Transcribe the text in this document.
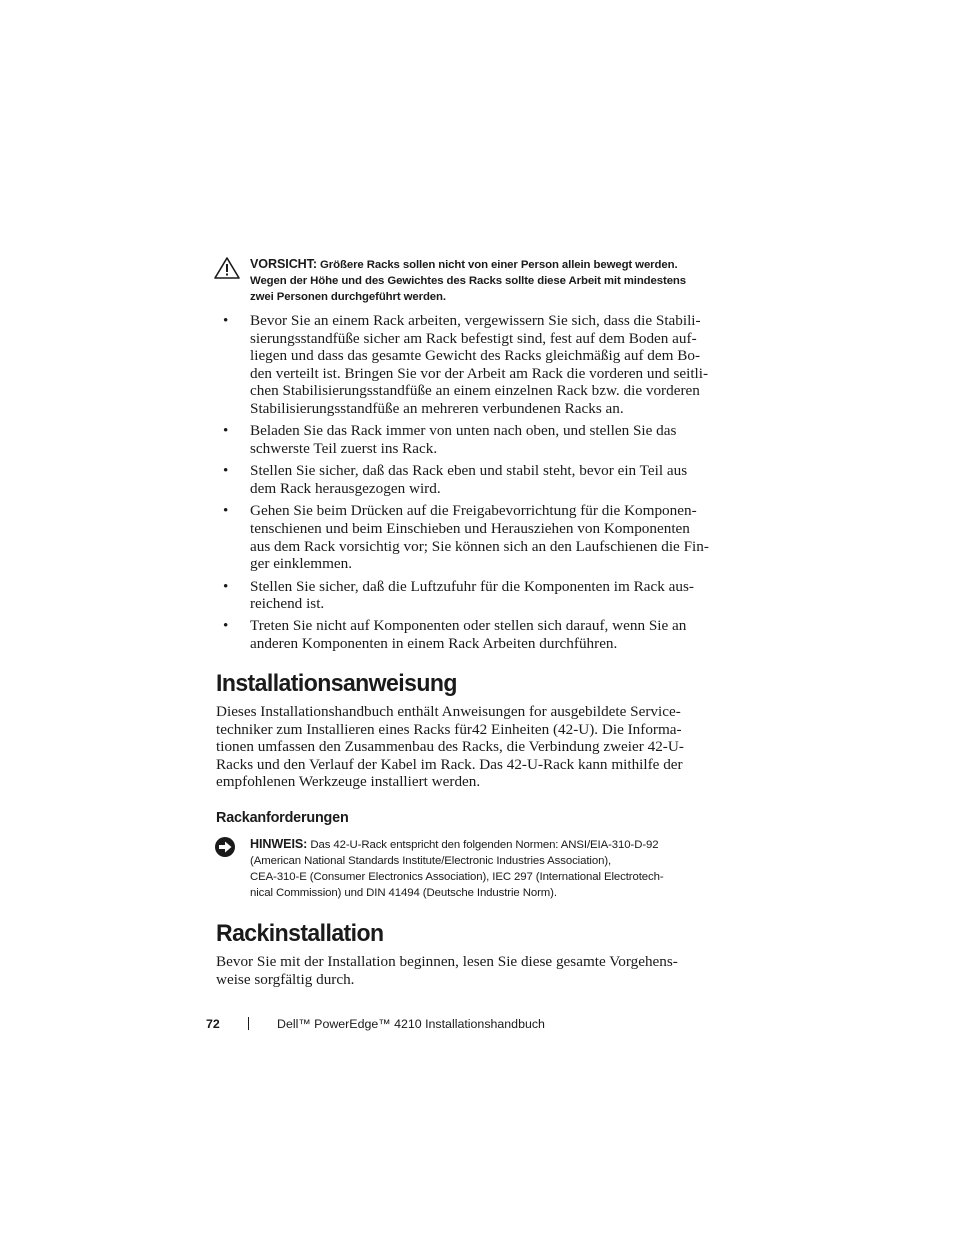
VORSICHT: Größere Racks sollen nicht von einer Person allein bewegt werden.
Wegen der Höhe und des Gewichtes des Racks sollte diese Arbeit mit mindestens
zwei Personen durchgeführt werden.
• Bevor Sie an einem Rack arbeiten, vergewissern Sie sich, dass die Stabili-
sierungsstandfüße sicher am Rack befestigt sind, fest auf dem Boden auf-
liegen und dass das gesamte Gewicht des Racks gleichmäßig auf dem Bo-
den verteilt ist. Bringen Sie vor der Arbeit am Rack die vorderen und seitli-
chen Stabilisierungsstandfüße an einem einzelnen Rack bzw. die vorderen
Stabilisierungsstandfüße an mehreren verbundenen Racks an.
• Beladen Sie das Rack immer von unten nach oben, und stellen Sie das
schwerste Teil zuerst ins Rack.
• Stellen Sie sicher, daß das Rack eben und stabil steht, bevor ein Teil aus
dem Rack herausgezogen wird.
• Gehen Sie beim Drücken auf die Freigabevorrichtung für die Komponen-
tenschienen und beim Einschieben und Herausziehen von Komponenten
aus dem Rack vorsichtig vor; Sie können sich an den Laufschienen die Fin-
ger einklemmen.
• Stellen Sie sicher, daß die Luftzufuhr für die Komponenten im Rack aus-
reichend ist.
• Treten Sie nicht auf Komponenten oder stellen sich darauf, wenn Sie an
anderen Komponenten in einem Rack Arbeiten durchführen.
Installationsanweisung
Dieses Installationshandbuch enthält Anweisungen for ausgebildete Service-
techniker zum Installieren eines Racks für42 Einheiten (42-U). Die Informa-
tionen umfassen den Zusammenbau des Racks, die Verbindung zweier 42-U-
Racks und den Verlauf der Kabel im Rack. Das 42-U-Rack kann mithilfe der
empfohlenen Werkzeuge installiert werden.
Rackanforderungen
HINWEIS: Das 42-U-Rack entspricht den folgenden Normen: ANSI/EIA-310-D-92
(American National Standards Institute/Electronic Industries Association),
CEA-310-E (Consumer Electronics Association), IEC 297 (International Electrotech-
nical Commission) und DIN 41494 (Deutsche Industrie Norm).
Rackinstallation
Bevor Sie mit der Installation beginnen, lesen Sie diese gesamte Vorgehens-
weise sorgfältig durch.
72	Dell™ PowerEdge™ 4210 Installationshandbuch
